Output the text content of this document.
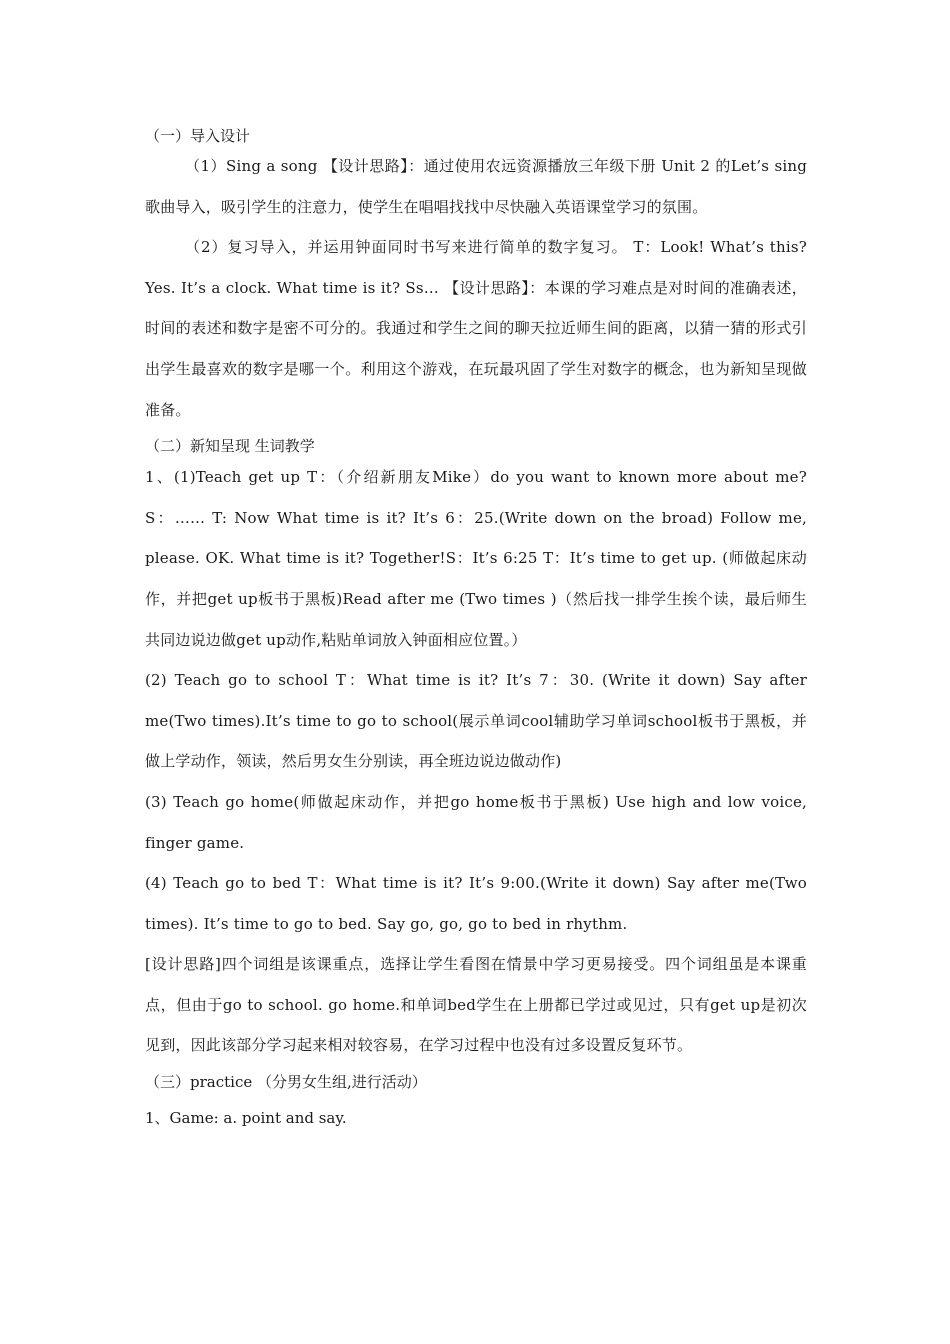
（一）导入设计

（1）Sing a song 【设计思路】：通过使用农远资源播放三年级下册 Unit 2 的Let’s sing歌曲导入，吸引学生的注意力，使学生在唱唱找找中尽快融入英语课堂学习的氛围。

（2）复习导入，并运用钟面同时书写来进行简单的数字复习。 T：Look! What’s this? Yes. It’s a clock. What time is it? Ss… 【设计思路】：本课的学习难点是对时间的准确表述，时间的表述和数字是密不可分的。我通过和学生之间的聊天拉近师生间的距离，以猜一猜的形式引出学生最喜欢的数字是哪一个。利用这个游戏，在玩最巩固了学生对数字的概念，也为新知呈现做准备。

（二）新知呈现 生词教学

1、(1)Teach get up T：（介绍新朋友Mike）do you want to known more about me? S：…… T: Now What time is it? It’s 6：25.(Write down on the broad) Follow me, please. OK. What time is it? Together!S：It’s 6:25 T：It’s time to get up. (师做起床动作，并把get up板书于黑板)Read after me (Two times )（然后找一排学生挨个读，最后师生共同边说边做get up动作,粘贴单词放入钟面相应位置。）

(2) Teach go to school T：What time is it? It’s 7：30. (Write it down) Say after me(Two times).It’s time to go to school(展示单词cool辅助学习单词school板书于黑板，并做上学动作，领读，然后男女生分别读，再全班边说边做动作)

(3) Teach go home(师做起床动作，并把go home板书于黑板) Use high and low voice, finger game.

(4) Teach go to bed T：What time is it? It’s 9:00.(Write it down) Say after me(Two times). It’s time to go to bed. Say go, go, go to bed in rhythm.

[设计思路]四个词组是该课重点，选择让学生看图在情景中学习更易接受。四个词组虽是本课重点，但由于go to school. go home.和单词bed学生在上册都已学过或见过，只有get up是初次见到，因此该部分学习起来相对较容易，在学习过程中也没有过多设置反复环节。

（三）practice （分男女生组,进行活动）

1、Game: a. point and say.
